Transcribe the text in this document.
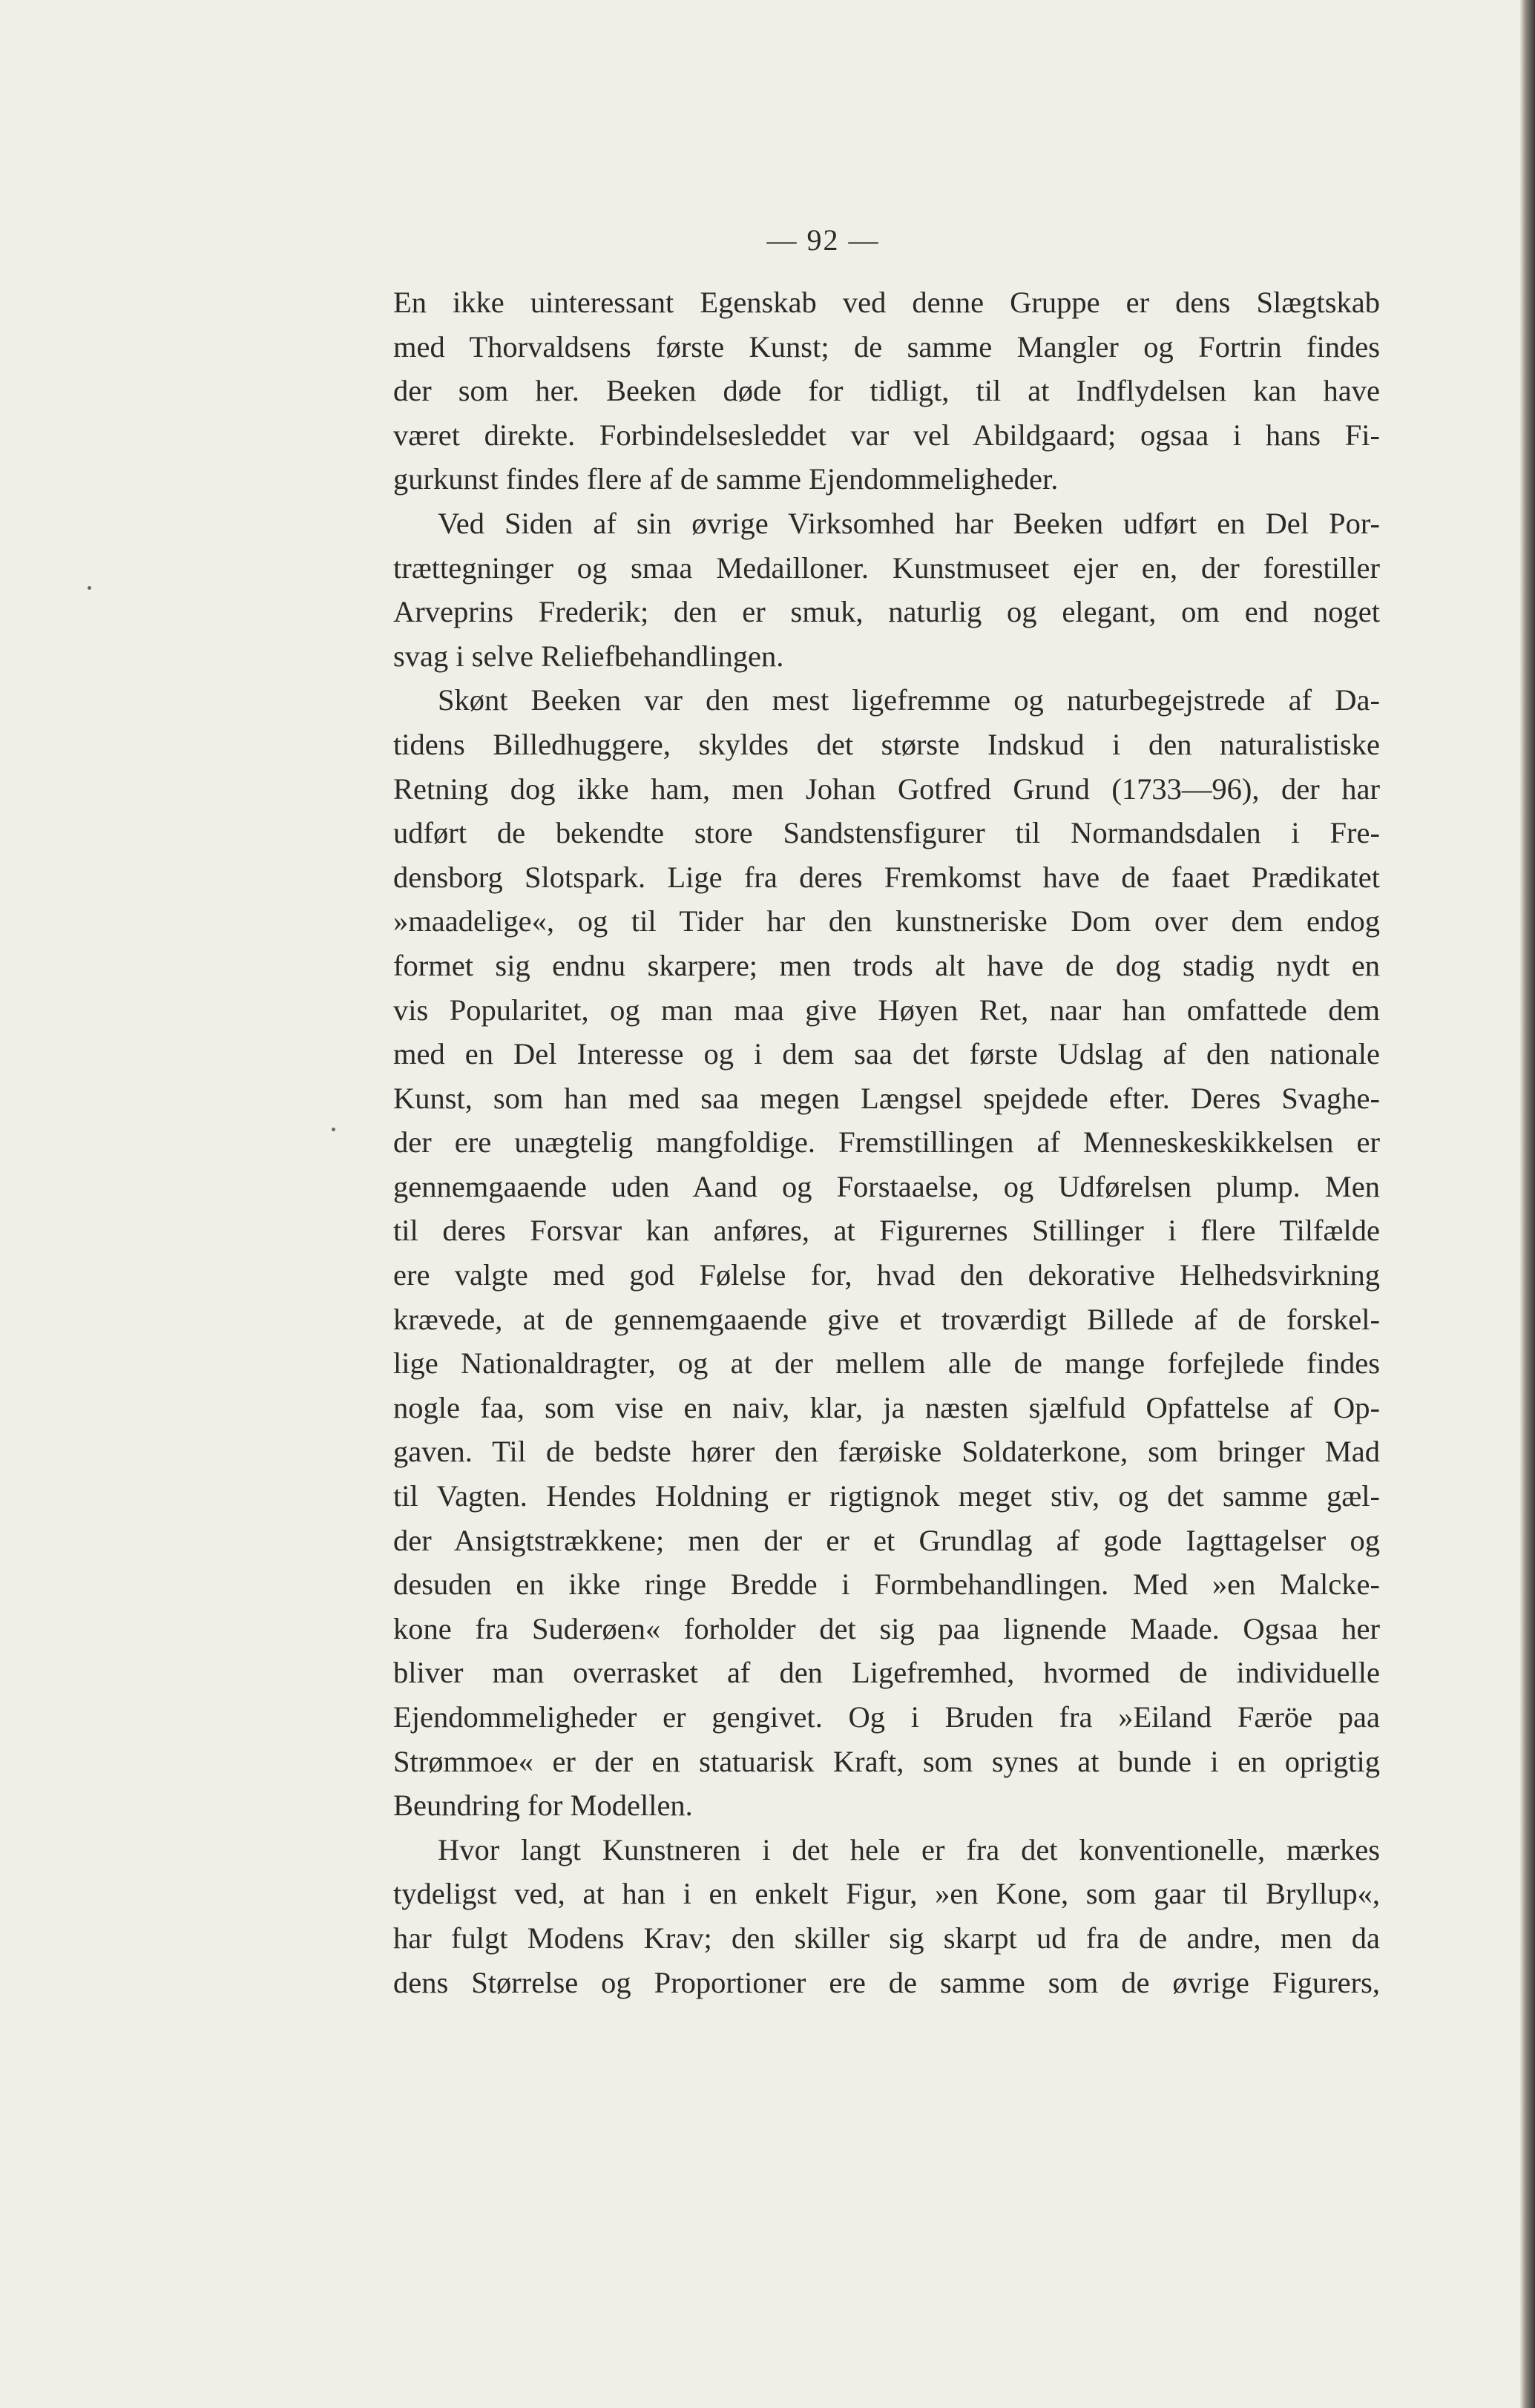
— 92 —
En ikke uinteressant Egenskab ved denne Gruppe er dens Slægtskab
med Thorvaldsens første Kunst; de samme Mangler og Fortrin findes
der som her. Beeken døde for tidligt, til at Indflydelsen kan have
været direkte. Forbindelsesleddet var vel Abildgaard; ogsaa i hans Fi-
gurkunst findes flere af de samme Ejendommeligheder.
Ved Siden af sin øvrige Virksomhed har Beeken udført en Del Por-
trættegninger og smaa Medailloner. Kunstmuseet ejer en, der forestiller
Arveprins Frederik; den er smuk, naturlig og elegant, om end noget
svag i selve Reliefbehandlingen.
Skønt Beeken var den mest ligefremme og naturbegejstrede af Da-
tidens Billedhuggere, skyldes det største Indskud i den naturalistiske
Retning dog ikke ham, men Johan Gotfred Grund (1733—96), der har
udført de bekendte store Sandstensfigurer til Normandsdalen i Fre-
densborg Slotspark. Lige fra deres Fremkomst have de faaet Prædikatet
»maadelige«, og til Tider har den kunstneriske Dom over dem endog
formet sig endnu skarpere; men trods alt have de dog stadig nydt en
vis Popularitet, og man maa give Høyen Ret, naar han omfattede dem
med en Del Interesse og i dem saa det første Udslag af den nationale
Kunst, som han med saa megen Længsel spejdede efter. Deres Svaghe-
der ere unægtelig mangfoldige. Fremstillingen af Menneskeskikkelsen er
gennemgaaende uden Aand og Forstaaelse, og Udførelsen plump. Men
til deres Forsvar kan anføres, at Figurernes Stillinger i flere Tilfælde
ere valgte med god Følelse for, hvad den dekorative Helhedsvirkning
krævede, at de gennemgaaende give et troværdigt Billede af de forskel-
lige Nationaldragter, og at der mellem alle de mange forfejlede findes
nogle faa, som vise en naiv, klar, ja næsten sjælfuld Opfattelse af Op-
gaven. Til de bedste hører den færøiske Soldaterkone, som bringer Mad
til Vagten. Hendes Holdning er rigtignok meget stiv, og det samme gæl-
der Ansigtstrækkene; men der er et Grundlag af gode Iagttagelser og
desuden en ikke ringe Bredde i Formbehandlingen. Med »en Malcke-
kone fra Suderøen« forholder det sig paa lignende Maade. Ogsaa her
bliver man overrasket af den Ligefremhed, hvormed de individuelle
Ejendommeligheder er gengivet. Og i Bruden fra »Eiland Færöe paa
Strømmoe« er der en statuarisk Kraft, som synes at bunde i en oprigtig
Beundring for Modellen.
Hvor langt Kunstneren i det hele er fra det konventionelle, mærkes
tydeligst ved, at han i en enkelt Figur, »en Kone, som gaar til Bryllup«,
har fulgt Modens Krav; den skiller sig skarpt ud fra de andre, men da
dens Størrelse og Proportioner ere de samme som de øvrige Figurers,
